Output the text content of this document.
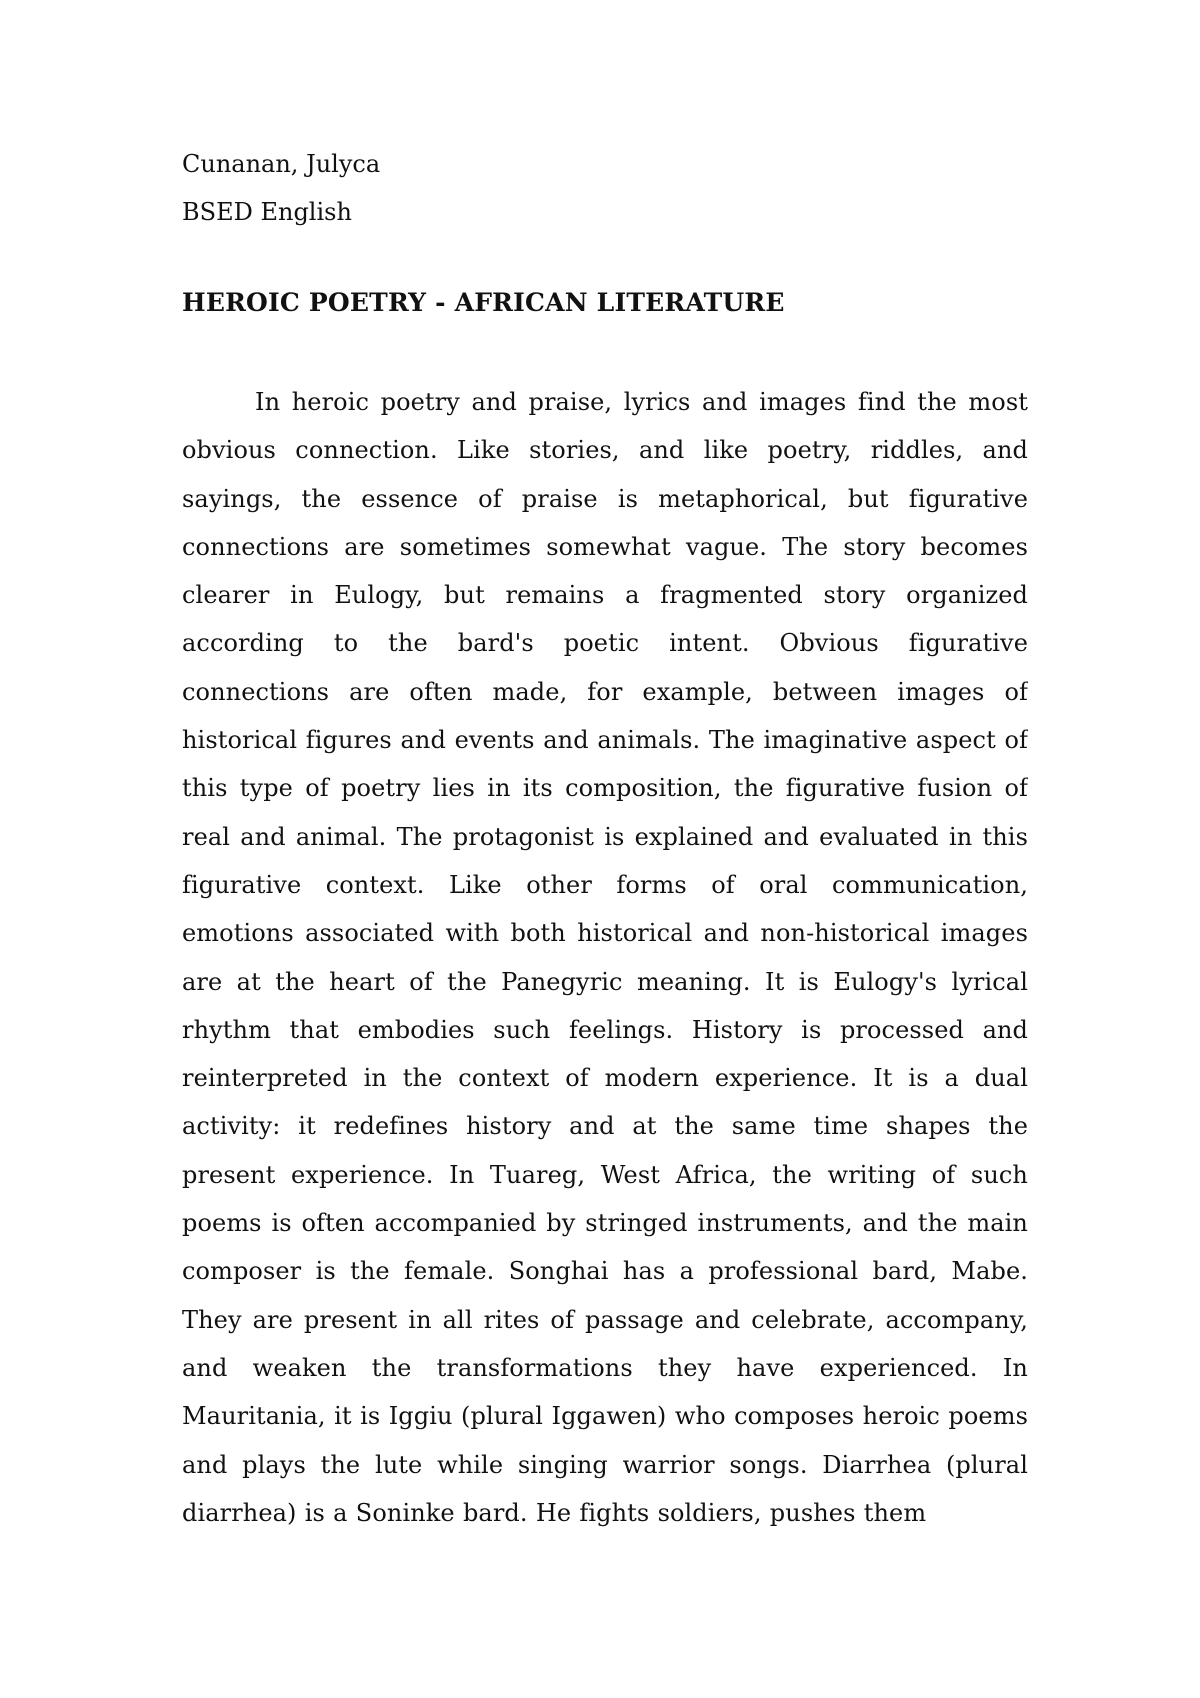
Cunanan, Julyca
BSED English
HEROIC POETRY - AFRICAN LITERATURE

In heroic poetry and praise, lyrics and images find the most obvious connection. Like stories, and like poetry, riddles, and sayings, the essence of praise is metaphorical, but figurative connections are sometimes somewhat vague. The story becomes clearer in Eulogy, but remains a fragmented story organized according to the bard's poetic intent. Obvious figurative connections are often made, for example, between images of historical figures and events and animals. The imaginative aspect of this type of poetry lies in its composition, the figurative fusion of real and animal. The protagonist is explained and evaluated in this figurative context. Like other forms of oral communication, emotions associated with both historical and non-historical images are at the heart of the Panegyric meaning. It is Eulogy's lyrical rhythm that embodies such feelings. History is processed and reinterpreted in the context of modern experience. It is a dual activity: it redefines history and at the same time shapes the present experience. In Tuareg, West Africa, the writing of such poems is often accompanied by stringed instruments, and the main composer is the female. Songhai has a professional bard, Mabe. They are present in all rites of passage and celebrate, accompany, and weaken the transformations they have experienced. In Mauritania, it is Iggiu (plural Iggawen) who composes heroic poems and plays the lute while singing warrior songs. Diarrhea (plural diarrhea) is a Soninke bard. He fights soldiers, pushes them
